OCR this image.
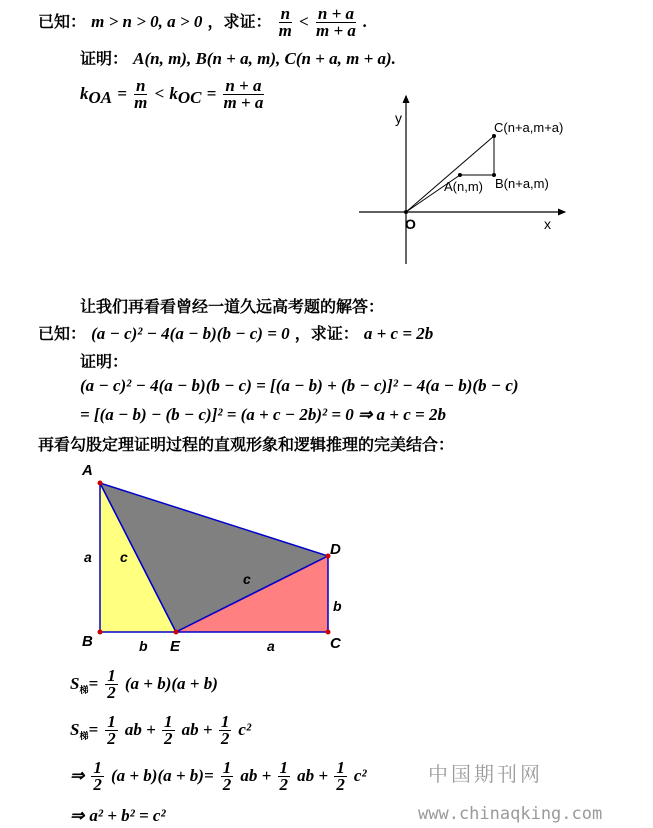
已知： m > n > 0, a > 0 ，求证： $\frac{n}{m} < \frac{n + a}{m + a}$ .
证明： A(n, m), B(n + a, m), C(n + a, m + a).
$k_{OA} = \frac{n}{m} < k_{OC} = \frac{n + a}{m + a}$
y
x
O
A(n,m) B(n+a,m)
C(n+a,m+a)
让我们再看看曾经一道久远高考题的解答：
已知： (a − c)² − 4(a − b)(b − c) = 0 ，求证： a + c = 2b
证明：
(a − c)² − 4(a − b)(b − c) = [(a − b) + (b − c)]² − 4(a − b)(b − c)
= [(a − b) − (b − c)]² = (a + c − 2b)² = 0 ⇒ a + c = 2b
再看勾股定理证明过程的直观形象和逻辑推理的完美结合：
A
B	E	C
D
a c
c
b
b	a
$S_梯= \frac{1}{2} (a + b)(a + b)$
$S_梯= \frac{1}{2}$ ab + $\frac{1}{2}$ ab + $\frac{1}{2} c^2$
⇒ $\frac{1}{2} (a + b)(a + b)= \frac{1}{2}$ ab + $\frac{1}{2}$ ab + $\frac{1}{2} c^2$
⇒ a² + b² = c²
中国期刊网
www.chinaqking.com
